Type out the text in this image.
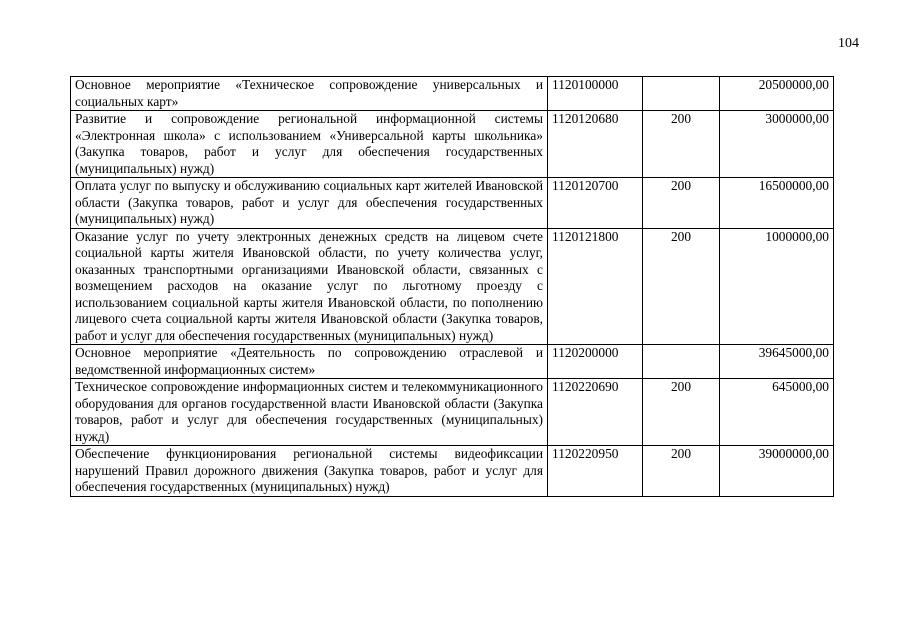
104
Основное мероприятие «Техническое сопровождение универсальных и социальных карт»	1120100000		20500000,00
Развитие и сопровождение региональной информационной системы «Электронная школа» с использованием «Универсальной карты школьника» (Закупка товаров, работ и услуг для обеспечения государственных (муниципальных) нужд)	1120120680	200	3000000,00
Оплата услуг по выпуску и обслуживанию социальных карт жителей Ивановской области (Закупка товаров, работ и услуг для обеспечения государственных (муниципальных) нужд)	1120120700	200	16500000,00
Оказание услуг по учету электронных денежных средств на лицевом счете социальной карты жителя Ивановской области, по учету количества услуг, оказанных транспортными организациями Ивановской области, связанных с возмещением расходов на оказание услуг по льготному проезду с использованием социальной карты жителя Ивановской области, по пополнению лицевого счета социальной карты жителя Ивановской области (Закупка товаров, работ и услуг для обеспечения государственных (муниципальных) нужд)	1120121800	200	1000000,00
Основное мероприятие «Деятельность по сопровождению отраслевой и ведомственной информационных систем»	1120200000		39645000,00
Техническое сопровождение информационных систем и телекоммуникационного оборудования для органов государственной власти Ивановской области (Закупка товаров, работ и услуг для обеспечения государственных (муниципальных) нужд)	1120220690	200	645000,00
Обеспечение функционирования региональной системы видеофиксации нарушений Правил дорожного движения (Закупка товаров, работ и услуг для обеспечения государственных (муниципальных) нужд)	1120220950	200	39000000,00
